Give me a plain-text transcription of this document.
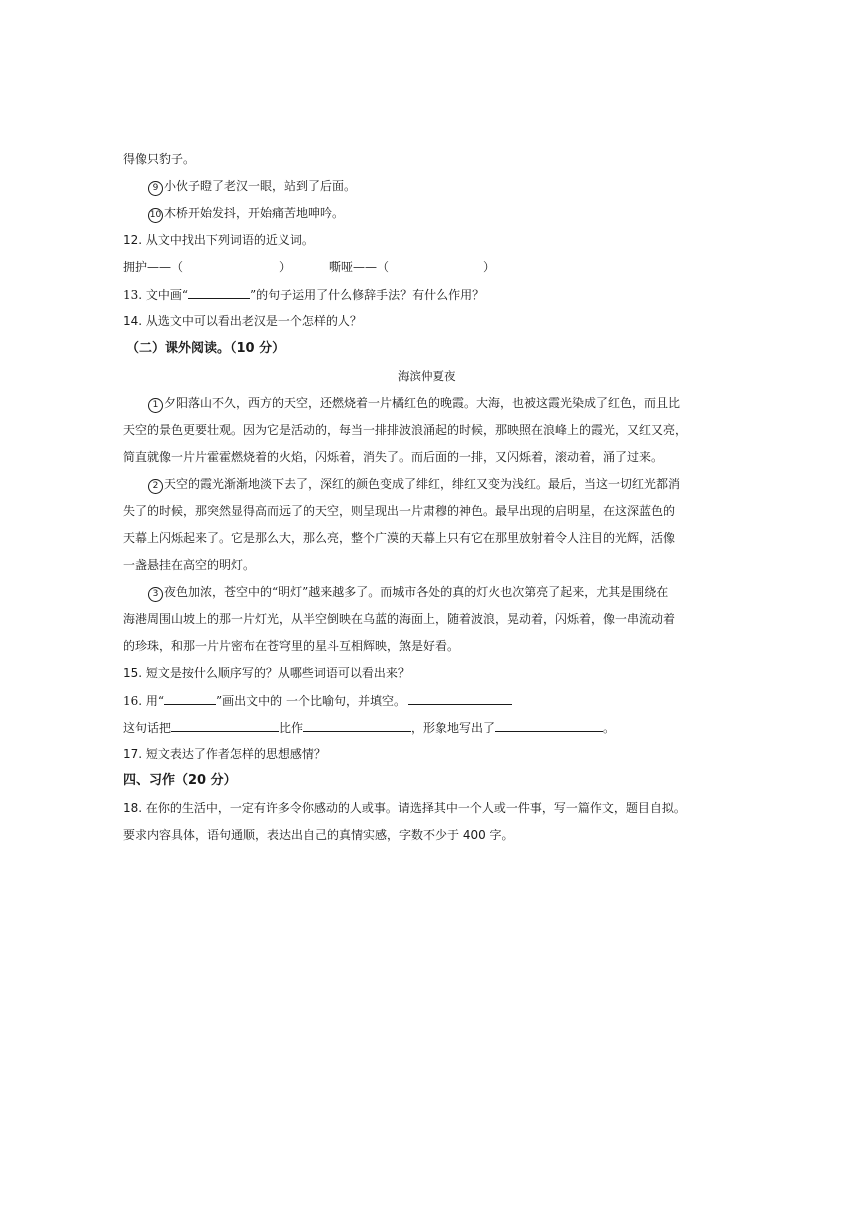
得像只豹子。
9 小伙子瞪了老汉一眼，站到了后面。
10 木桥开始发抖，开始痛苦地呻吟。
12. 从文中找出下列词语的近义词。
拥护——（	）	嘶哑——（	）
13. 文中画“	”的句子运用了什么修辞手法？有什么作用？
14. 从选文中可以看出老汉是一个怎样的人？
（二）课外阅读。（10 分）
海滨仲夏夜
1 夕阳落山不久，西方的天空，还燃烧着一片橘红色的晚霞。大海，也被这霞光染成了红色，而且比
天空的景色更要壮观。因为它是活动的，每当一排排波浪涌起的时候，那映照在浪峰上的霞光，又红又亮，
简直就像一片片霍霍燃烧着的火焰，闪烁着，消失了。而后面的一排，又闪烁着，滚动着，涌了过来。
2 天空的霞光渐渐地淡下去了，深红的颜色变成了绯红，绯红又变为浅红。最后，当这一切红光都消
失了的时候，那突然显得高而远了的天空，则呈现出一片肃穆的神色。最早出现的启明星，在这深蓝色的
天幕上闪烁起来了。它是那么大，那么亮，整个广漠的天幕上只有它在那里放射着令人注目的光辉，活像
一盏悬挂在高空的明灯。
3 夜色加浓，苍空中的“明灯”越来越多了。而城市各处的真的灯火也次第亮了起来，尤其是围绕在
海港周围山坡上的那一片灯光，从半空倒映在乌蓝的海面上，随着波浪，晃动着，闪烁着，像一串流动着
的珍珠，和那一片片密布在苍穹里的星斗互相辉映，煞是好看。
15. 短文是按什么顺序写的？从哪些词语可以看出来？
16. 用“	”画出文中的 一个比喻句，并填空。
这句话把	比作	，形象地写出了	。
17. 短文表达了作者怎样的思想感情？
四、习作（20 分）
18. 在你的生活中，一定有许多令你感动的人或事。请选择其中一个人或一件事，写一篇作文，题目自拟。
要求内容具体，语句通顺，表达出自己的真情实感，字数不少于 400 字。
